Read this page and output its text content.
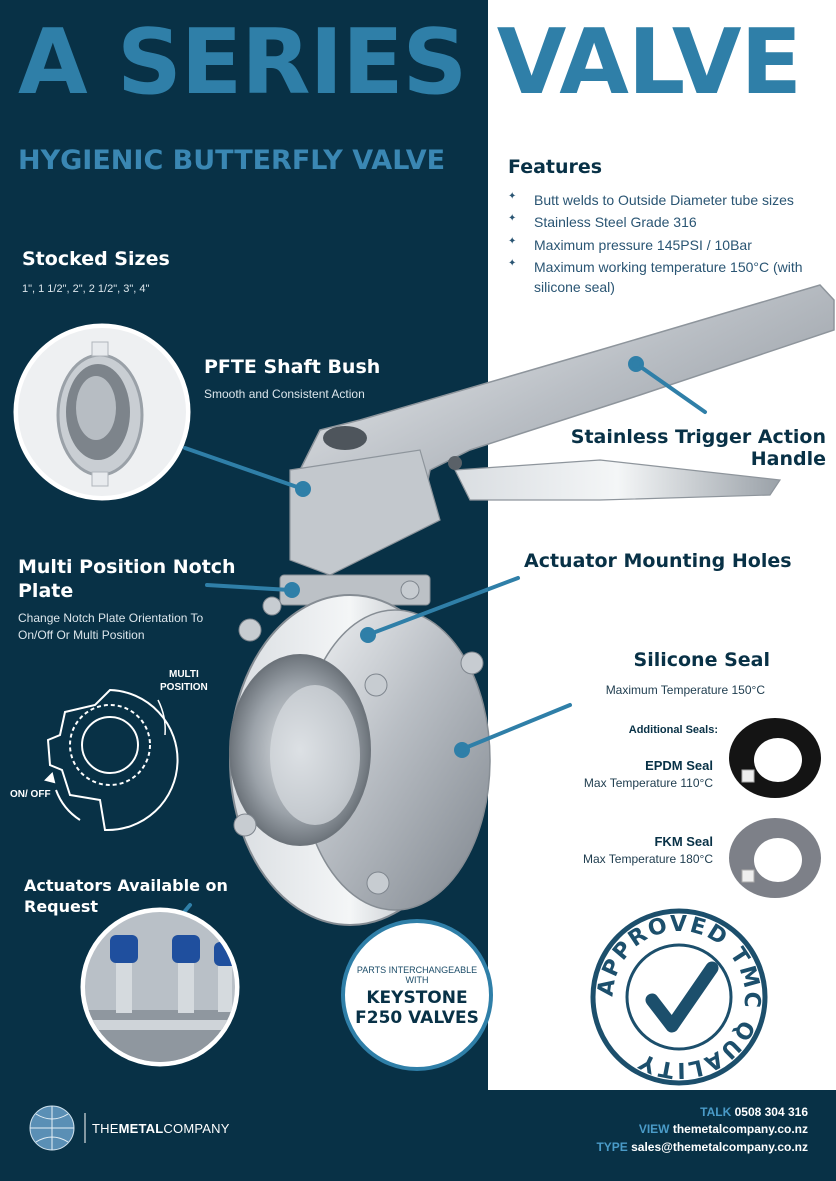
A SERIES VALVE
HYGIENIC BUTTERFLY VALVE	Features
✦ Butt welds to Outside Diameter tube sizes
✦ Stainless Steel Grade 316
✦ Maximum pressure 145PSI / 10Bar
✦ Maximum working temperature 150°C (with silicone seal)
Stocked Sizes
1", 1 1/2", 2", 2 1/2", 3", 4"
PFTE Shaft Bush
Smooth and Consistent Action
Stainless Trigger Action
Handle
Multi Position Notch
Plate
Change Notch Plate Orientation To
On/Off Or Multi Position
MULTI
POSITION
ON/ OFF
Actuator Mounting Holes
Silicone Seal
Maximum Temperature 150°C
Additional Seals:
EPDM Seal
Max Temperature 110°C
FKM Seal
Max Temperature 180°C
Actuators Available on
Request
PARTS INTERCHANGEABLE
WITH
KEYSTONE
F250 VALVES
APPROVED TMC QUALITY
THEMETALCOMPANY
TALK 0508 304 316
VIEW themetalcompany.co.nz
TYPE sales@themetalcompany.co.nz
